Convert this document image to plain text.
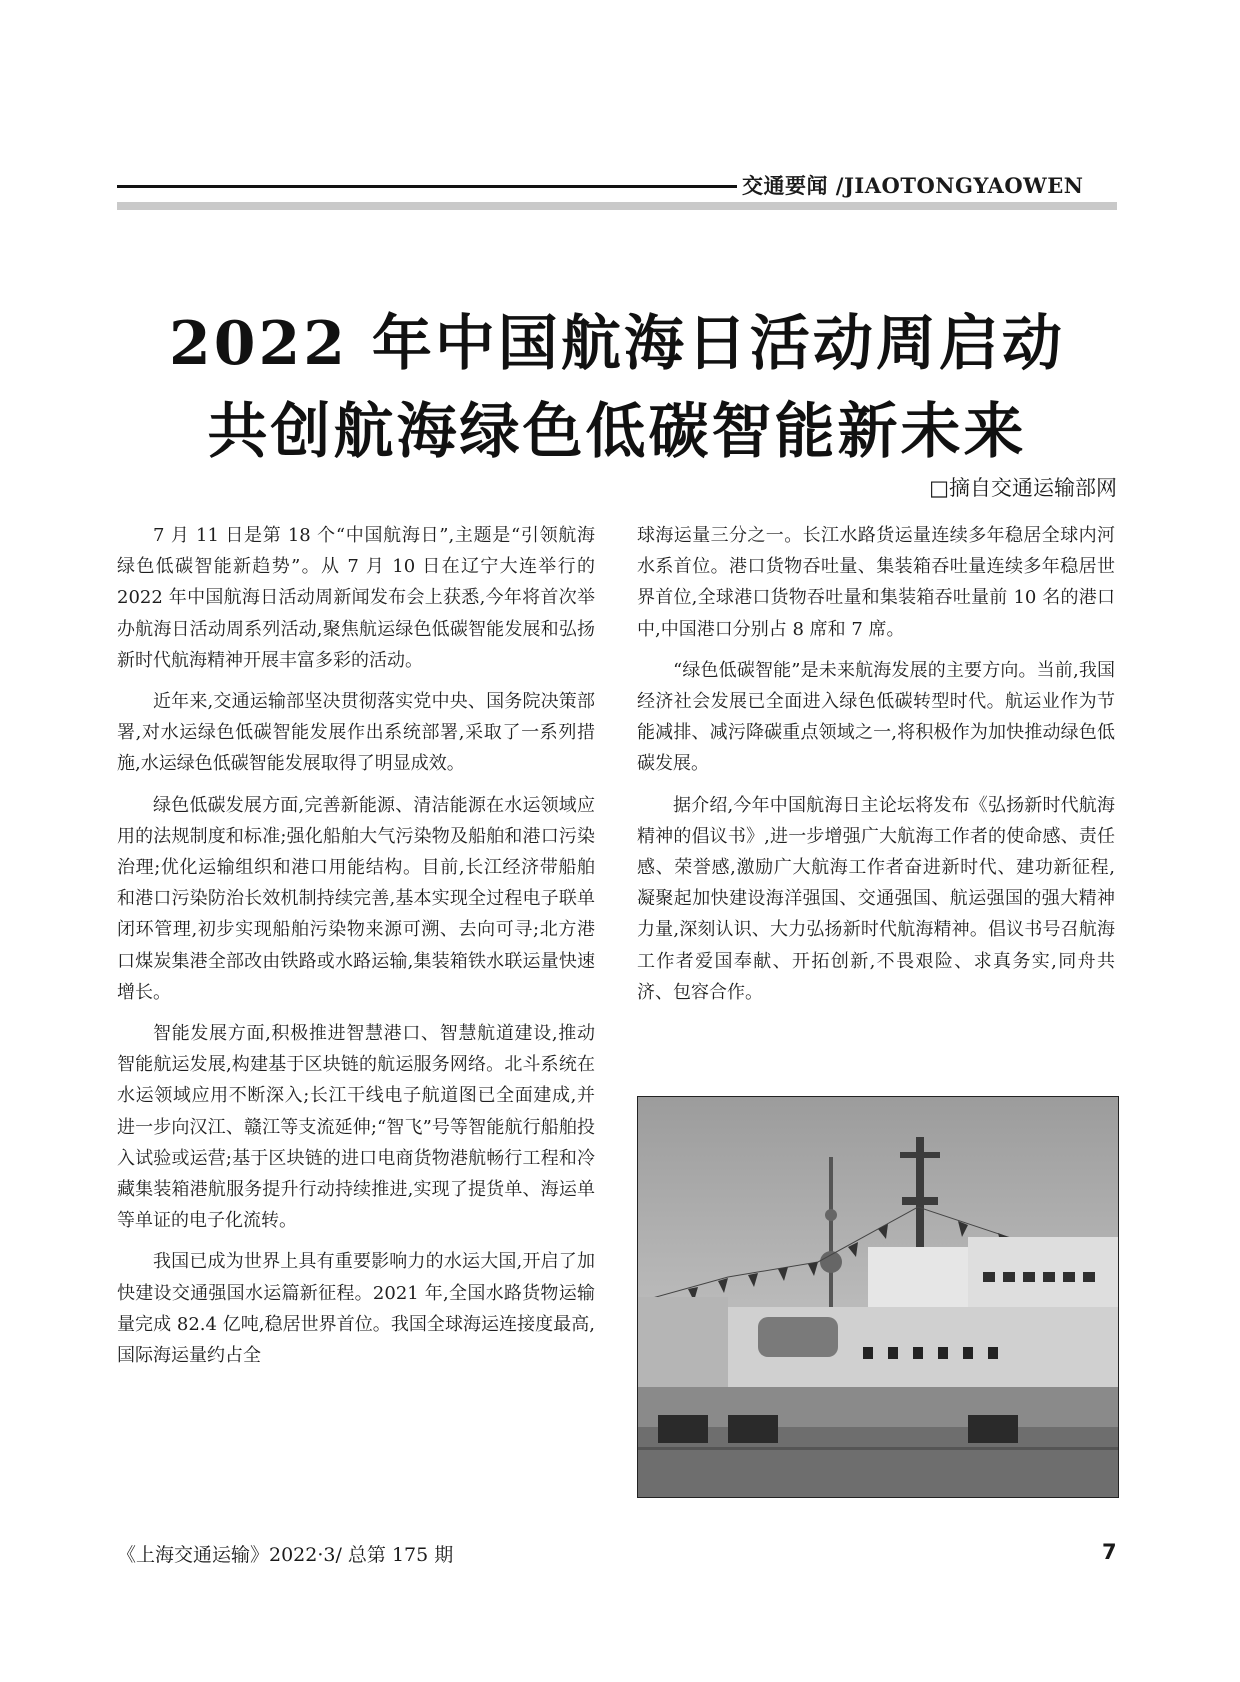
交通要闻 /JIAOTONGYAOWEN
2022 年中国航海日活动周启动
共创航海绿色低碳智能新未来
□摘自交通运输部网

7 月 11 日是第 18 个“中国航海日”,主题是“引领航海绿色低碳智能新趋势”。从 7 月 10 日在辽宁大连举行的 2022 年中国航海日活动周新闻发布会上获悉,今年将首次举办航海日活动周系列活动,聚焦航运绿色低碳智能发展和弘扬新时代航海精神开展丰富多彩的活动。

近年来,交通运输部坚决贯彻落实党中央、国务院决策部署,对水运绿色低碳智能发展作出系统部署,采取了一系列措施,水运绿色低碳智能发展取得了明显成效。

绿色低碳发展方面,完善新能源、清洁能源在水运领域应用的法规制度和标准;强化船舶大气污染物及船舶和港口污染治理;优化运输组织和港口用能结构。目前,长江经济带船舶和港口污染防治长效机制持续完善,基本实现全过程电子联单闭环管理,初步实现船舶污染物来源可溯、去向可寻;北方港口煤炭集港全部改由铁路或水路运输,集装箱铁水联运量快速增长。

智能发展方面,积极推进智慧港口、智慧航道建设,推动智能航运发展,构建基于区块链的航运服务网络。北斗系统在水运领域应用不断深入;长江干线电子航道图已全面建成,并进一步向汉江、赣江等支流延伸;“智飞”号等智能航行船舶投入试验或运营;基于区块链的进口电商货物港航畅行工程和冷藏集装箱港航服务提升行动持续推进,实现了提货单、海运单等单证的电子化流转。

我国已成为世界上具有重要影响力的水运大国,开启了加快建设交通强国水运篇新征程。2021 年,全国水路货物运输量完成 82.4 亿吨,稳居世界首位。我国全球海运连接度最高,国际海运量约占全

球海运量三分之一。长江水路货运量连续多年稳居全球内河水系首位。港口货物吞吐量、集装箱吞吐量连续多年稳居世界首位,全球港口货物吞吐量和集装箱吞吐量前 10 名的港口中,中国港口分别占 8 席和 7 席。

“绿色低碳智能”是未来航海发展的主要方向。当前,我国经济社会发展已全面进入绿色低碳转型时代。航运业作为节能减排、减污降碳重点领域之一,将积极作为加快推动绿色低碳发展。

据介绍,今年中国航海日主论坛将发布《弘扬新时代航海精神的倡议书》,进一步增强广大航海工作者的使命感、责任感、荣誉感,激励广大航海工作者奋进新时代、建功新征程,凝聚起加快建设海洋强国、交通强国、航运强国的强大精神力量,深刻认识、大力弘扬新时代航海精神。倡议书号召航海工作者爱国奉献、开拓创新,不畏艰险、求真务实,同舟共济、包容合作。

《上海交通运输》2022·3/ 总第 175 期	7
